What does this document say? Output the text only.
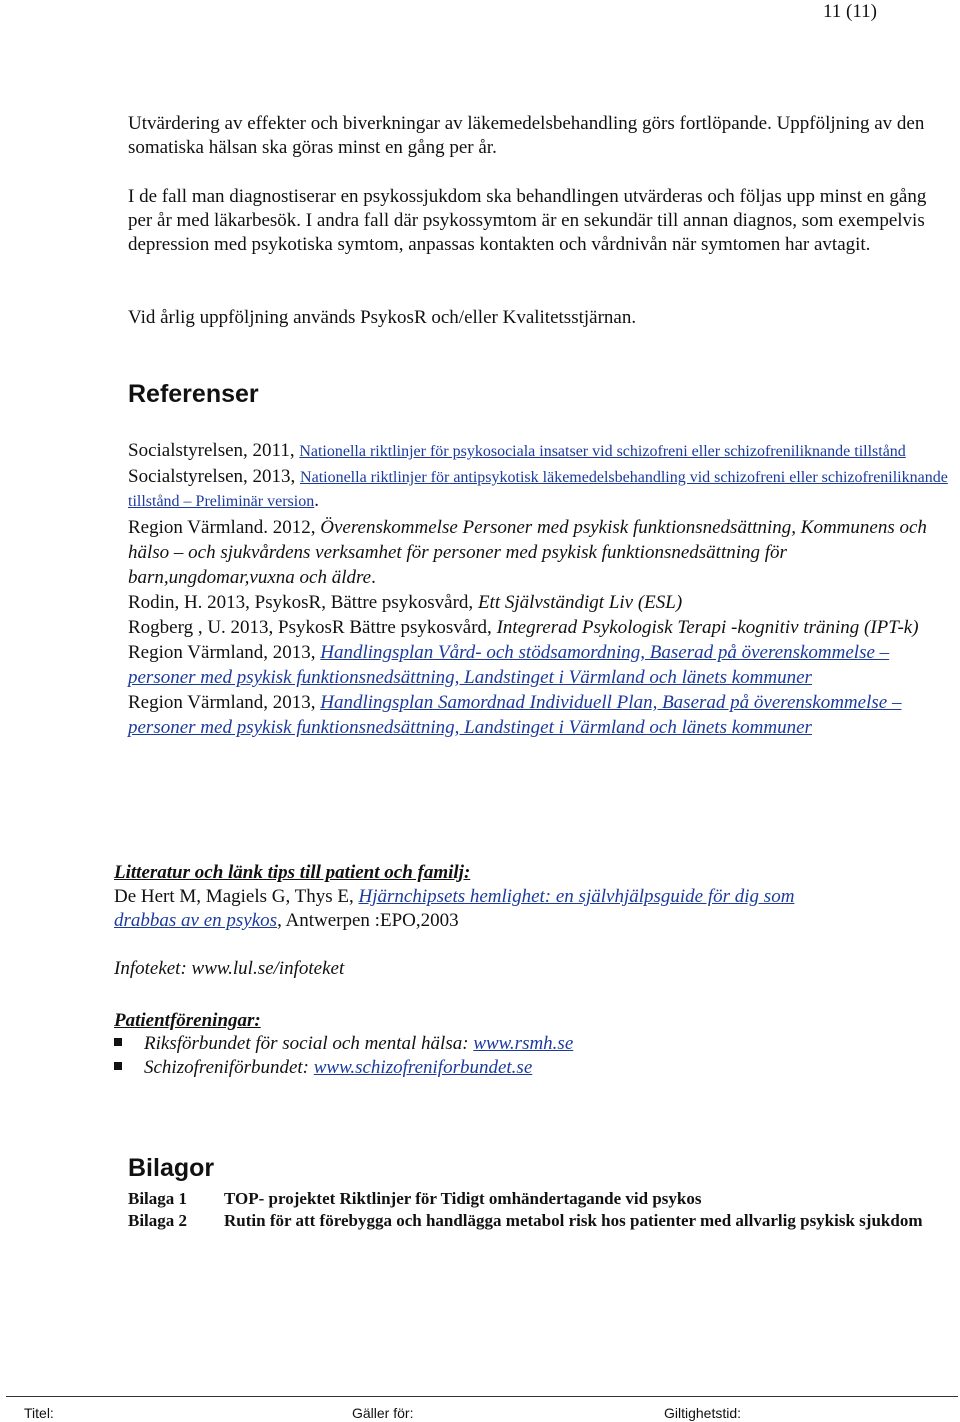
11 (11)
Utvärdering av effekter och biverkningar av läkemedelsbehandling görs fortlöpande. Uppföljning av den somatiska hälsan ska göras minst en gång per år.
I de fall man diagnostiserar en psykossjukdom ska behandlingen utvärderas och följas upp minst en gång per år med läkarbesök. I andra fall där psykossymtom är en sekundär till annan diagnos, som exempelvis depression med psykotiska symtom, anpassas kontakten och vårdnivån när symtomen har avtagit.
Vid årlig uppföljning används PsykosR och/eller Kvalitetsstjärnan.
Referenser

Socialstyrelsen, 2011, Nationella riktlinjer för psykosociala insatser vid schizofreni eller schizofreniliknande tillstånd

Socialstyrelsen, 2013, Nationella riktlinjer för antipsykotisk läkemedelsbehandling vid schizofreni eller schizofreniliknande tillstånd – Preliminär version.

Region Värmland. 2012, Överenskommelse Personer med psykisk funktionsnedsättning, Kommunens och hälso – och sjukvårdens verksamhet för personer med psykisk funktionsnedsättning för barn,ungdomar,vuxna och äldre.

Rodin, H. 2013, PsykosR, Bättre psykosvård, Ett Självständigt Liv (ESL)

Rogberg , U. 2013, PsykosR Bättre psykosvård, Integrerad Psykologisk Terapi -kognitiv träning (IPT-k)

Region Värmland, 2013, Handlingsplan Vård- och stödsamordning, Baserad på överenskommelse – personer med psykisk funktionsnedsättning, Landstinget i Värmland och länets kommuner

Region Värmland, 2013, Handlingsplan Samordnad Individuell Plan, Baserad på överenskommelse – personer med psykisk funktionsnedsättning, Landstinget i Värmland och länets kommuner

Litteratur och länk tips till patient och familj:
De Hert M, Magiels G, Thys E, Hjärnchipsets hemlighet: en självhjälpsguide för dig som drabbas av en psykos, Antwerpen :EPO,2003
Infoteket: www.lul.se/infoteket
Patientföreningar:
Riksförbundet för social och mental hälsa: www.rsmh.se
Schizofreniförbundet: www.schizofreniforbundet.se
Bilagor
Bilaga 1	TOP- projektet Riktlinjer för Tidigt omhändertagande vid psykos
Bilaga 2	Rutin för att förebygga och handlägga metabol risk hos patienter med allvarlig psykisk sjukdom
Titel:	Gäller för:	Giltighetstid:
